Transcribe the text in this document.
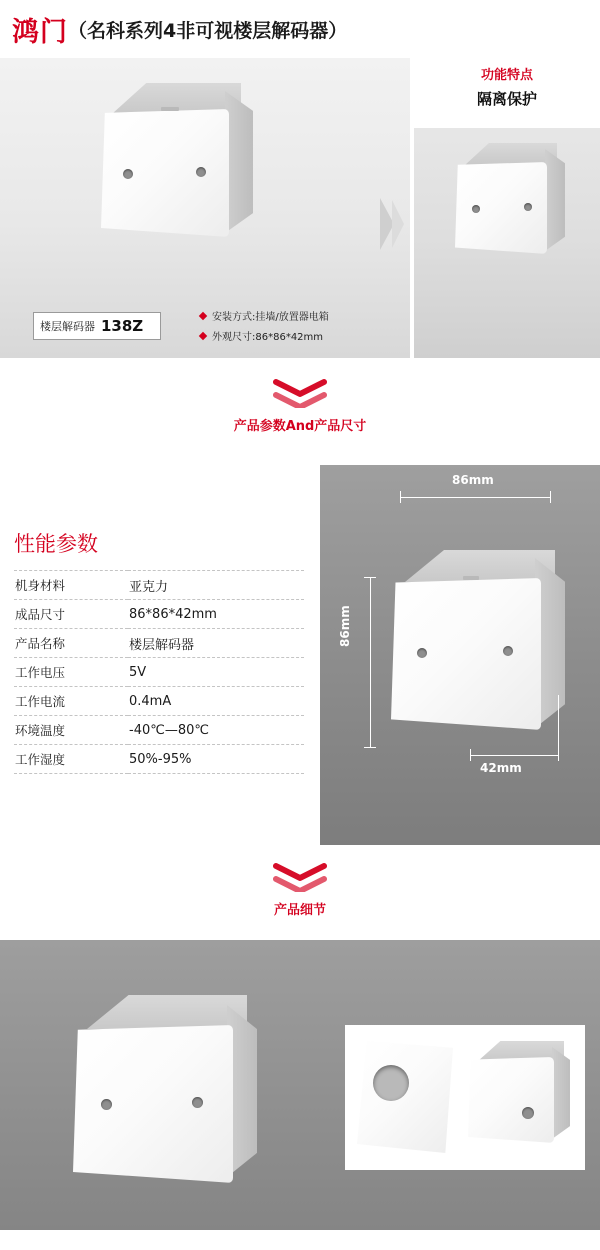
鸿门 （名科系列4非可视楼层解码器）
功能特点
隔离保护
楼层解码器 138Z	安装方式:挂墙/放置器电箱
外观尺寸:86*86*42mm
产品参数And产品尺寸
性能参数
机身材料	亚克力
成品尺寸	86*86*42mm
产品名称	楼层解码器
工作电压	5V
工作电流	0.4mA
环境温度	-40℃—80℃
工作湿度	50%-95%
86mm
86mm
42mm
产品细节
